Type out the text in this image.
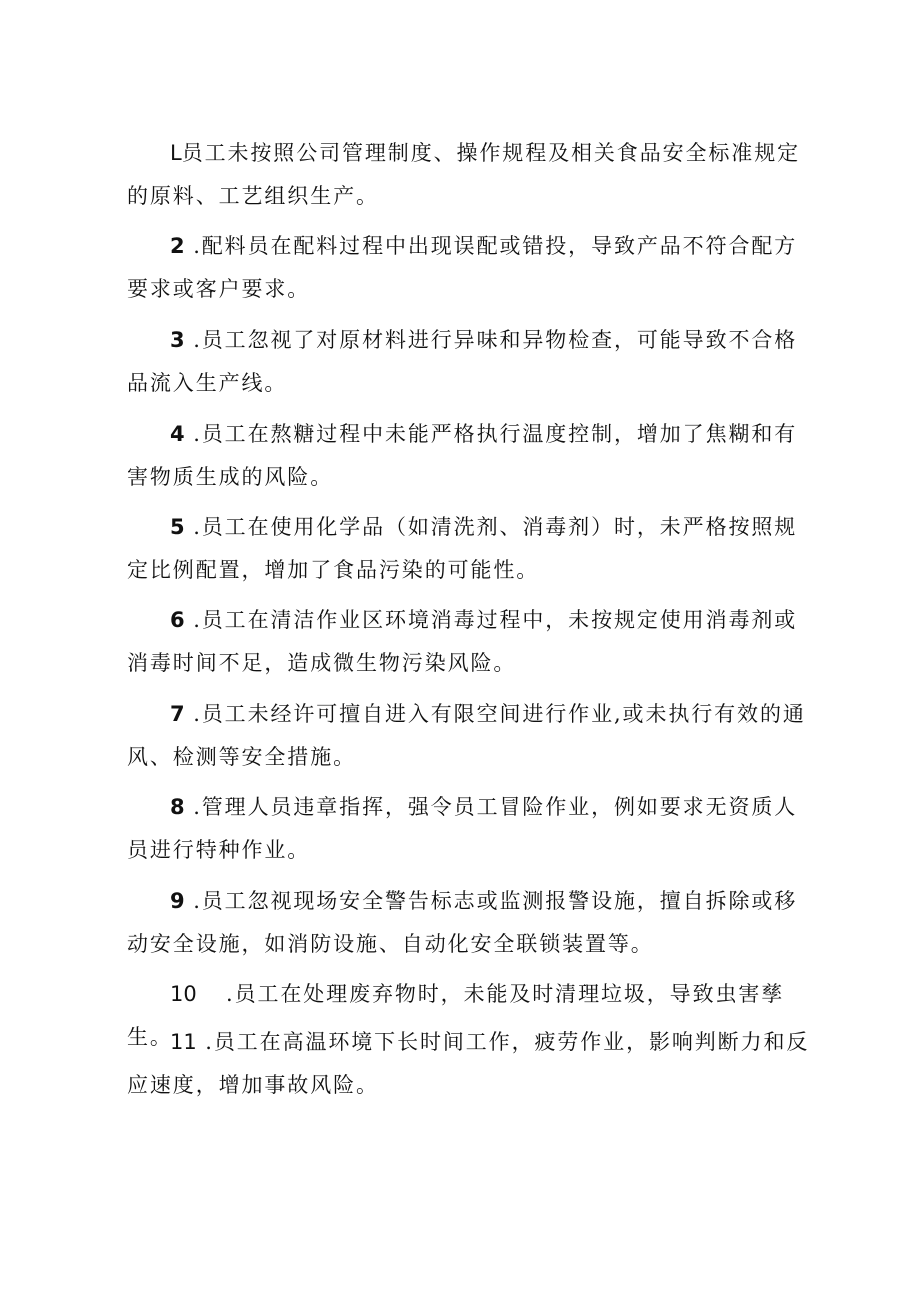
L员工未按照公司管理制度、操作规程及相关食品安全标准规定的原料、工艺组织生产。

2 .配料员在配料过程中出现误配或错投，导致产品不符合配方要求或客户要求。

3 .员工忽视了对原材料进行异味和异物检查，可能导致不合格品流入生产线。

4 .员工在熬糖过程中未能严格执行温度控制，增加了焦糊和有害物质生成的风险。

5 .员工在使用化学品（如清洗剂、消毒剂）时，未严格按照规定比例配置，增加了食品污染的可能性。

6 .员工在清洁作业区环境消毒过程中，未按规定使用消毒剂或消毒时间不足，造成微生物污染风险。

7 .员工未经许可擅自进入有限空间进行作业,或未执行有效的通风、检测等安全措施。

8 .管理人员违章指挥，强令员工冒险作业，例如要求无资质人员进行特种作业。

9 .员工忽视现场安全警告标志或监测报警设施，擅自拆除或移动安全设施，如消防设施、自动化安全联锁装置等。

10 .员工在处理废弃物时，未能及时清理垃圾，导致虫害孳生。

11 .员工在高温环境下长时间工作，疲劳作业，影响判断力和反应速度，增加事故风险。
